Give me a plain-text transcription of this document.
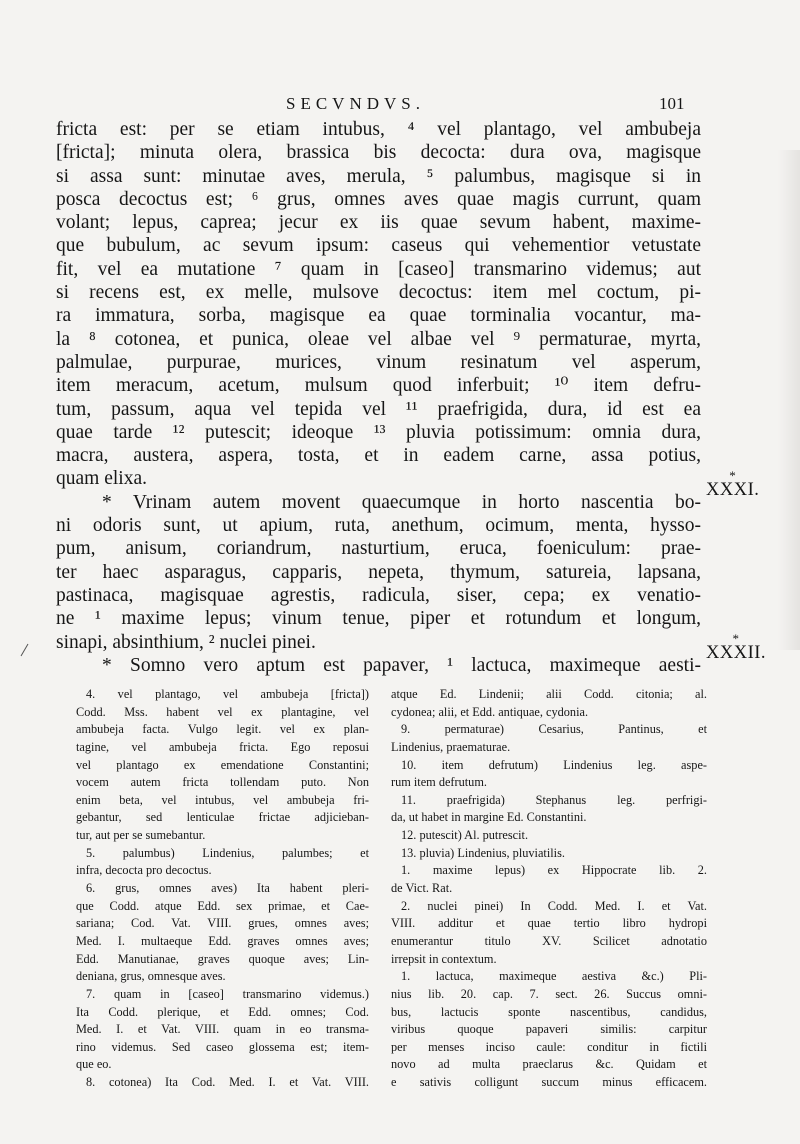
SECVNDVS.	101
fricta est: per se etiam intubus, ⁴ vel plantago, vel ambubeja
[fricta]; minuta olera, brassica bis decocta: dura ova, magisque
si assa sunt: minutae aves, merula, ⁵ palumbus, magisque si in
posca decoctus est; ⁶ grus, omnes aves quae magis currunt, quam
volant; lepus, caprea; jecur ex iis quae sevum habent, maxime-
que bubulum, ac sevum ipsum: caseus qui vehementior vetustate
fit, vel ea mutatione ⁷ quam in [caseo] transmarino videmus; aut
si recens est, ex melle, mulsove decoctus: item mel coctum, pi-
ra immatura, sorba, magisque ea quae torminalia vocantur, ma-
la ⁸ cotonea, et punica, oleae vel albae vel ⁹ permaturae, myrta,
palmulae, purpurae, murices, vinum resinatum vel asperum,
item meracum, acetum, mulsum quod inferbuit; ¹⁰ item defru-
tum, passum, aqua vel tepida vel ¹¹ praefrigida, dura, id est ea
quae tarde ¹² putescit; ideoque ¹³ pluvia potissimum: omnia dura,
macra, austera, aspera, tosta, et in eadem carne, assa potius,
quam elixa.
* Vrinam autem movent quaecumque in horto nascentia bo-
ni odoris sunt, ut apium, ruta, anethum, ocimum, menta, hysso-
pum, anisum, coriandrum, nasturtium, eruca, foeniculum: prae-
ter haec asparagus, capparis, nepeta, thymum, satureia, lapsana,
pastinaca, magisquae agrestis, radicula, siser, cepa; ex venatio-
ne ¹ maxime lepus; vinum tenue, piper et rotundum et longum,
sinapi, absinthium, ² nuclei pinei.
* Somno vero aptum est papaver, ¹ lactuca, maximeque aesti-
*
XXXI.
*
XXXII.
4. vel plantago, vel ambubeja [fricta])
Codd. Mss. habent vel ex plantagine, vel
ambubeja facta. Vulgo legit. vel ex plan-
tagine, vel ambubeja fricta. Ego reposui
vel plantago ex emendatione Constantini;
vocem autem fricta tollendam puto. Non
enim beta, vel intubus, vel ambubeja fri-
gebantur, sed lenticulae frictae adjicieban-
tur, aut per se sumebantur.
5. palumbus) Lindenius, palumbes; et
infra, decocta pro decoctus.
6. grus, omnes aves) Ita habent pleri-
que Codd. atque Edd. sex primae, et Cae-
sariana; Cod. Vat. VIII. grues, omnes aves;
Med. I. multaeque Edd. graves omnes aves;
Edd. Manutianae, graves quoque aves; Lin-
deniana, grus, omnesque aves.
7. quam in [caseo] transmarino videmus.)
Ita Codd. plerique, et Edd. omnes; Cod.
Med. I. et Vat. VIII. quam in eo transma-
rino videmus. Sed caseo glossema est; item-
que eo.
8. cotonea) Ita Cod. Med. I. et Vat. VIII.
atque Ed. Lindenii; alii Codd. citonia; al.
cydonea; alii, et Edd. antiquae, cydonia.
9. permaturae) Cesarius, Pantinus, et
Lindenius, praematurae.
10. item defrutum) Lindenius leg. aspe-
rum item defrutum.
11. praefrigida) Stephanus leg. perfrigi-
da, ut habet in margine Ed. Constantini.
12. putescit) Al. putrescit.
13. pluvia) Lindenius, pluviatilis.
1. maxime lepus) ex Hippocrate lib. 2.
de Vict. Rat.
2. nuclei pinei) In Codd. Med. I. et Vat.
VIII. additur et quae tertio libro hydropi
enumerantur titulo XV. Scilicet adnotatio
irrepsit in contextum.
1. lactuca, maximeque aestiva &c.) Pli-
nius lib. 20. cap. 7. sect. 26. Succus omni-
bus, lactucis sponte nascentibus, candidus,
viribus quoque papaveri similis: carpitur
per menses inciso caule: conditur in fictili
novo ad multa praeclarus &c. Quidam et
e sativis colligunt succum minus efficacem.
